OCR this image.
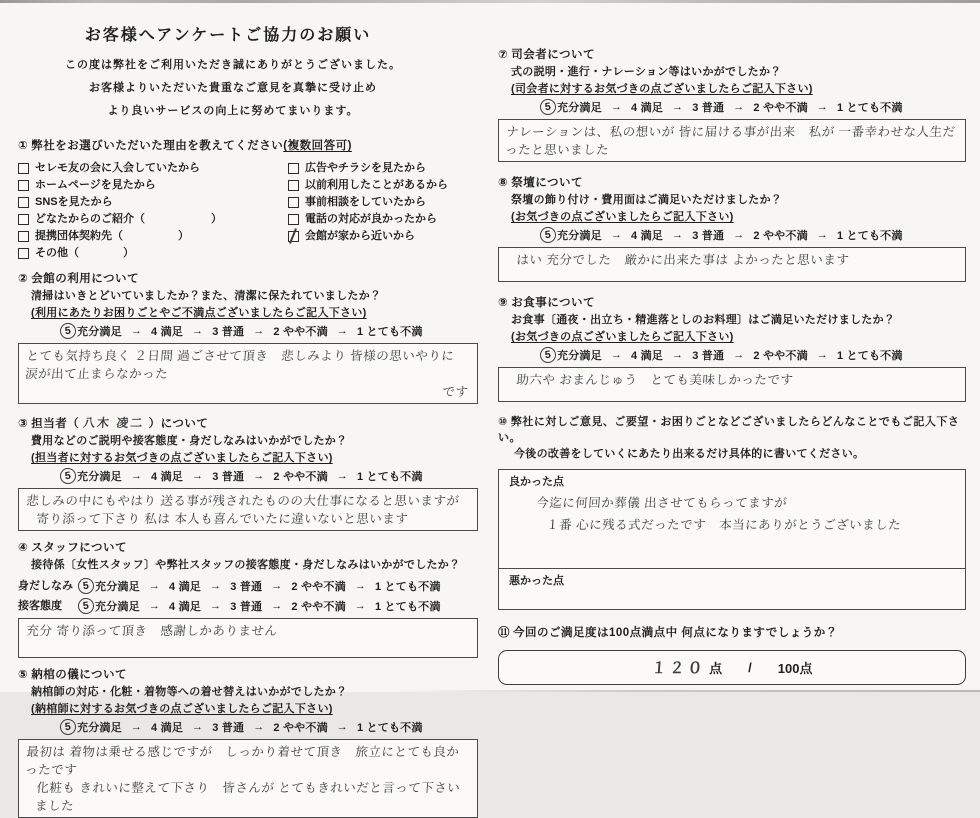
お客様へアンケートご協力のお願い

この度は弊社をご利用いただき誠にありがとうございました。

お客様よりいただいた貴重なご意見を真摯に受け止め

より良いサービスの向上に努めてまいります。

① 弊社をお選びいただいた理由を教えてください(複数回答可)
セレモ友の会に入会していたから
ホームページを見たから
SNSを見たから
どなたからのご紹介（　　　　　　）
提携団体契約先（　　　　　）
その他（　　　　）
広告やチラシを見たから
以前利用したことがあるから
事前相談をしていたから
電話の対応が良かったから
会館が家から近いから
② 会館の利用について
清掃はいきとどいていましたか？また、清潔に保たれていましたか？
(利用にあたりお困りごとやご不満点ございましたらご記入下さい)
5 充分満足 → 4 満足 → 3 普通 → 2 やや不満 → 1 とても不満
とても気持ち良く ２日間 過ごさせて頂き　悲しみより 皆様の思いやりに 涙が出て止まらなかった
です
③ 担当者（ 八木 凌二 ）について
費用などのご説明や接客態度・身だしなみはいかがでしたか？
(担当者に対するお気づきの点ございましたらご記入下さい)
5 充分満足 → 4 満足 → 3 普通 → 2 やや不満 → 1 とても不満
悲しみの中にもやはり 送る事が残されたものの大仕事になると思いますが
寄り添って下さり 私は 本人も喜んでいたに違いないと思います
④ スタッフについて
接待係〔女性スタッフ〕や弊社スタッフの接客態度・身だしなみはいかがでしたか？
身だしなみ 5 充分満足 → 4 満足 → 3 普通 → 2 やや不満 → 1 とても不満
接客態度	5 充分満足 → 4 満足 → 3 普通 → 2 やや不満 → 1 とても不満
充分 寄り添って頂き　感謝しかありません
⑤ 納棺の儀について
納棺師の対応・化粧・着物等への着せ替えはいかがでしたか？
(納棺師に対するお気づきの点ございましたらご記入下さい)
5 充分満足 → 4 満足 → 3 普通 → 2 やや不満 → 1 とても不満
最初は 着物は乗せる感じですが　しっかり着せて頂き　旅立にとても良かったです
化粧も きれいに整えて下さり　皆さんが とてもきれいだと言って下さいました
⑦ 司会者について
式の説明・進行・ナレーション等はいかがでしたか？
(司会者に対するお気づきの点ございましたらご記入下さい)
5 充分満足 → 4 満足 → 3 普通 → 2 やや不満 → 1 とても不満
ナレーションは、私の想いが 皆に届ける事が出来　私が 一番幸わせな人生だったと思いました
⑧ 祭壇について
祭壇の飾り付け・費用面はご満足いただけましたか？
(お気づきの点ございましたらご記入下さい)
5 充分満足 → 4 満足 → 3 普通 → 2 やや不満 → 1 とても不満
はい 充分でした　厳かに出来た事は よかったと思います
⑨ お食事について
お食事〔通夜・出立ち・精進落としのお料理〕はご満足いただけましたか？
(お気づきの点ございましたらご記入下さい)
5 充分満足 → 4 満足 → 3 普通 → 2 やや不満 → 1 とても不満
助六や おまんじゅう　とても美味しかったです
⑩ 弊社に対しご意見、ご要望・お困りごとなどございましたらどんなことでもご記入下さい。
今後の改善をしていくにあたり出来るだけ具体的に書いてください。
良かった点
今迄に何回か葬儀 出させてもらってますが
１番 心に残る式だったです　本当にありがとうございました
悪かった点
⑪ 今回のご満足度は100点満点中 何点になりますでしょうか？
１２０ 点 / 100点
